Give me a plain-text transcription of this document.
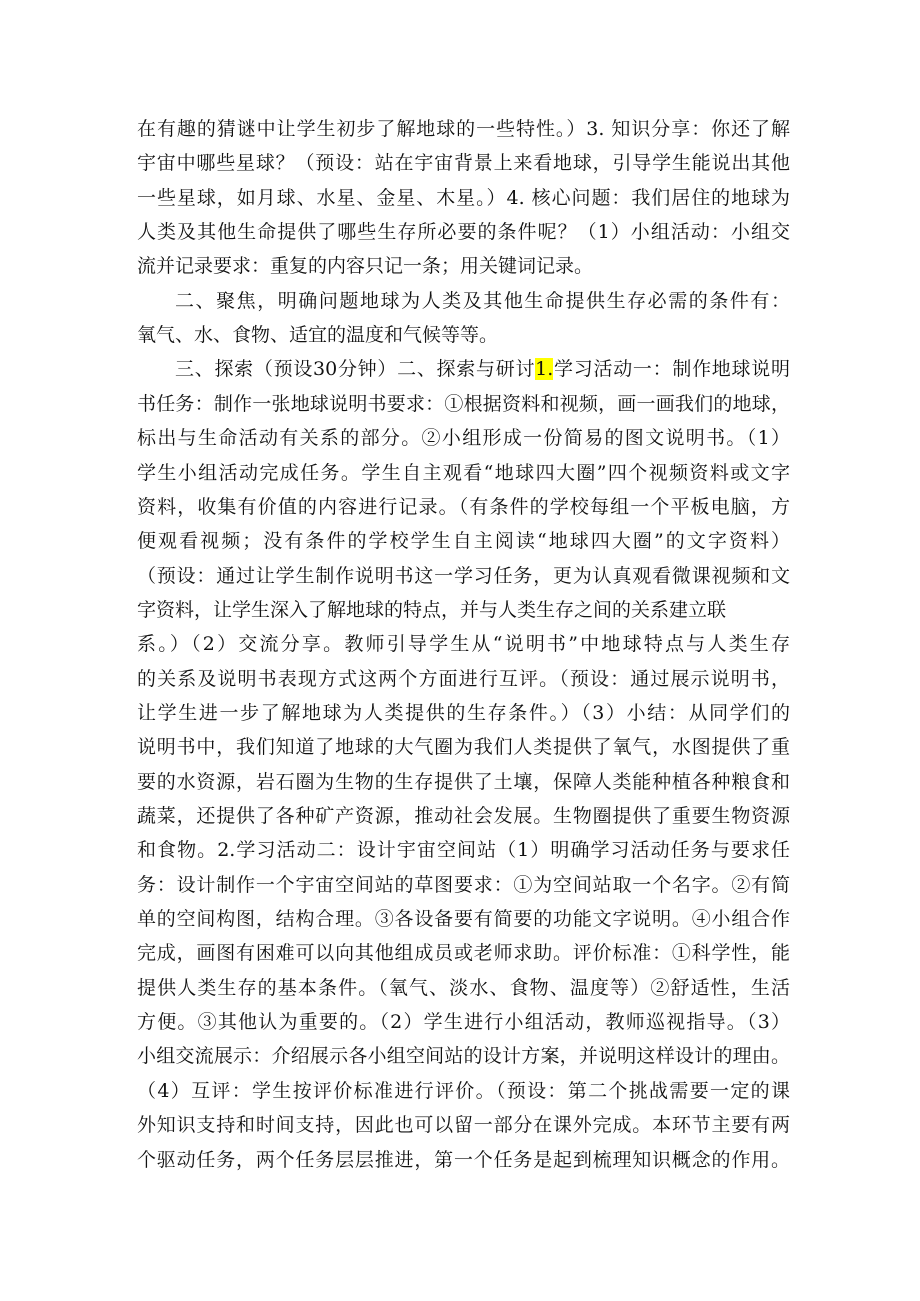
在有趣的猜谜中让学生初步了解地球的一些特性。）3. 知识分享：你还了解
宇宙中哪些星球？（预设：站在宇宙背景上来看地球，引导学生能说出其他
一些星球，如月球、水星、金星、木星。）4. 核心问题：我们居住的地球为
人类及其他生命提供了哪些生存所必要的条件呢？（1）小组活动：小组交
流并记录要求：重复的内容只记一条；用关键词记录。
二、聚焦，明确问题地球为人类及其他生命提供生存必需的条件有：
氧气、水、食物、适宜的温度和气候等等。
三、探索（预设30分钟）二、探索与研讨1.学习活动一：制作地球说明
书任务：制作一张地球说明书要求：①根据资料和视频，画一画我们的地球，
标出与生命活动有关系的部分。②小组形成一份简易的图文说明书。（1）
学生小组活动完成任务。学生自主观看“地球四大圈”四个视频资料或文字
资料，收集有价值的内容进行记录。（有条件的学校每组一个平板电脑，方
便观看视频；没有条件的学校学生自主阅读“地球四大圈”的文字资料）
（预设：通过让学生制作说明书这一学习任务，更为认真观看微课视频和文
字资料，让学生深入了解地球的特点，并与人类生存之间的关系建立联
系。）（2）交流分享。教师引导学生从“说明书”中地球特点与人类生存
的关系及说明书表现方式这两个方面进行互评。（预设：通过展示说明书，
让学生进一步了解地球为人类提供的生存条件。）（3）小结：从同学们的
说明书中，我们知道了地球的大气圈为我们人类提供了氧气，水图提供了重
要的水资源，岩石圈为生物的生存提供了土壤，保障人类能种植各种粮食和
蔬菜，还提供了各种矿产资源，推动社会发展。生物圈提供了重要生物资源
和食物。2.学习活动二：设计宇宙空间站（1）明确学习活动任务与要求任
务：设计制作一个宇宙空间站的草图要求：①为空间站取一个名字。②有简
单的空间构图，结构合理。③各设备要有简要的功能文字说明。④小组合作
完成，画图有困难可以向其他组成员或老师求助。评价标准：①科学性，能
提供人类生存的基本条件。（氧气、淡水、食物、温度等）②舒适性，生活
方便。③其他认为重要的。（2）学生进行小组活动，教师巡视指导。（3）
小组交流展示：介绍展示各小组空间站的设计方案，并说明这样设计的理由。
（4）互评：学生按评价标准进行评价。（预设：第二个挑战需要一定的课
外知识支持和时间支持，因此也可以留一部分在课外完成。本环节主要有两
个驱动任务，两个任务层层推进，第一个任务是起到梳理知识概念的作用。
